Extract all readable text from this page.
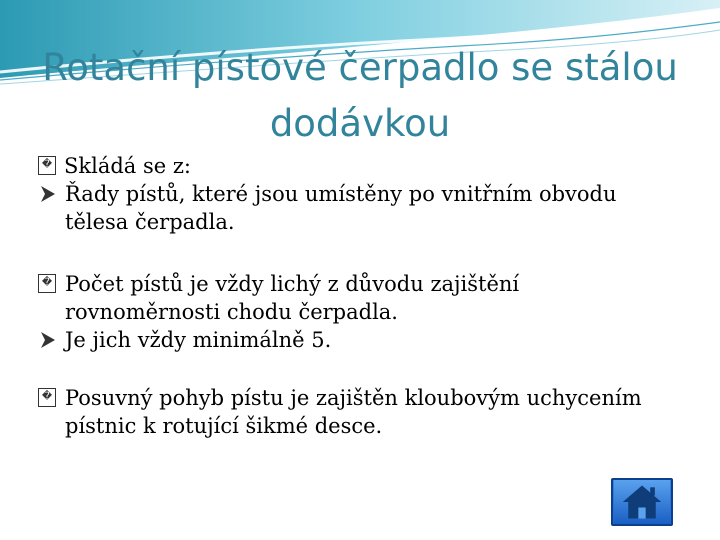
Rotační pístové čerpadlo se stálou dodávkou

� Skládá se z:

Řady pístů, které jsou umístěny po vnitřním obvodu tělesa čerpadla.

� Počet pístů je vždy lichý z důvodu zajištění rovnoměrnosti chodu čerpadla.

Je jich vždy minimálně 5.

� Posuvný pohyb pístu je zajištěn kloubovým uchycením pístnic k rotující šikmé desce.
